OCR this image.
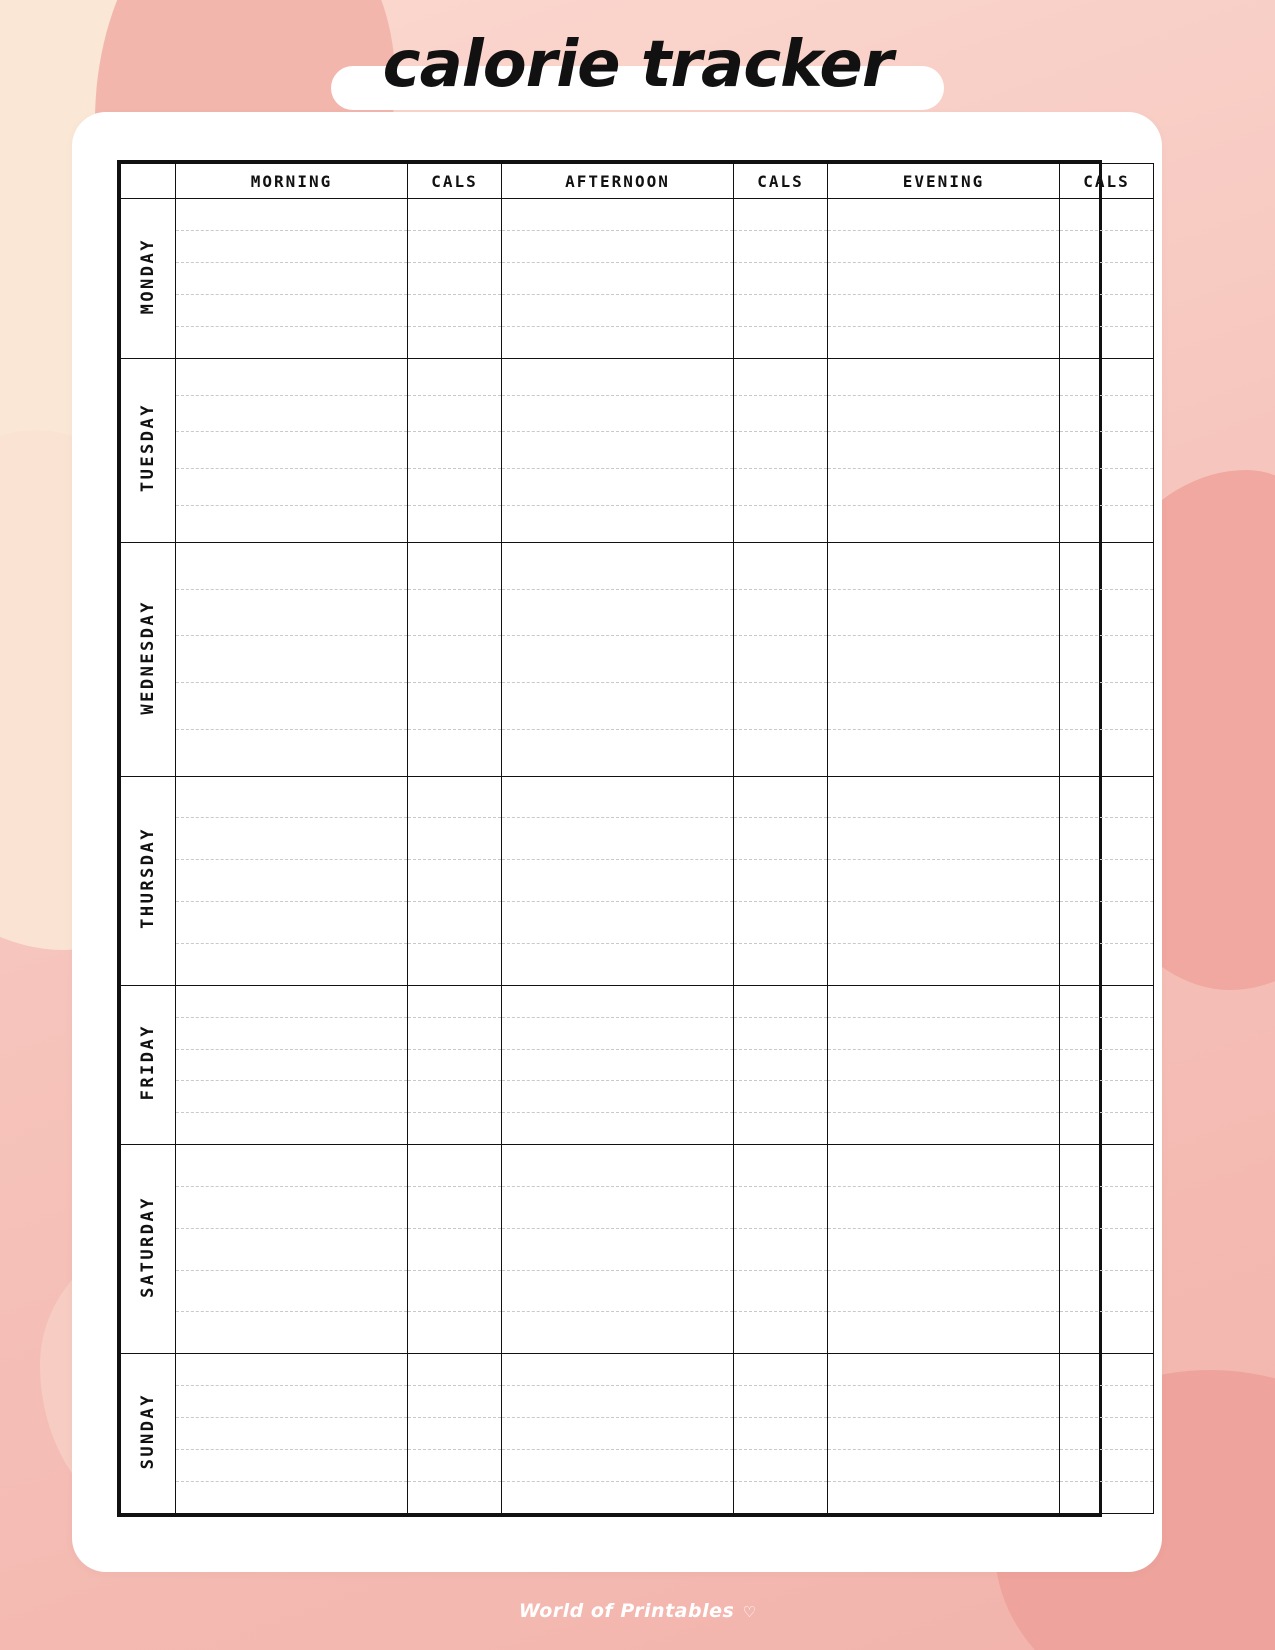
calorie tracker
	MORNING	CALS	AFTERNOON	CALS	EVENING	CALS
MONDAY	

TUESDAY	

WEDNESDAY	

THURSDAY	

FRIDAY	

SATURDAY	

SUNDAY	

World of Printables ♡
